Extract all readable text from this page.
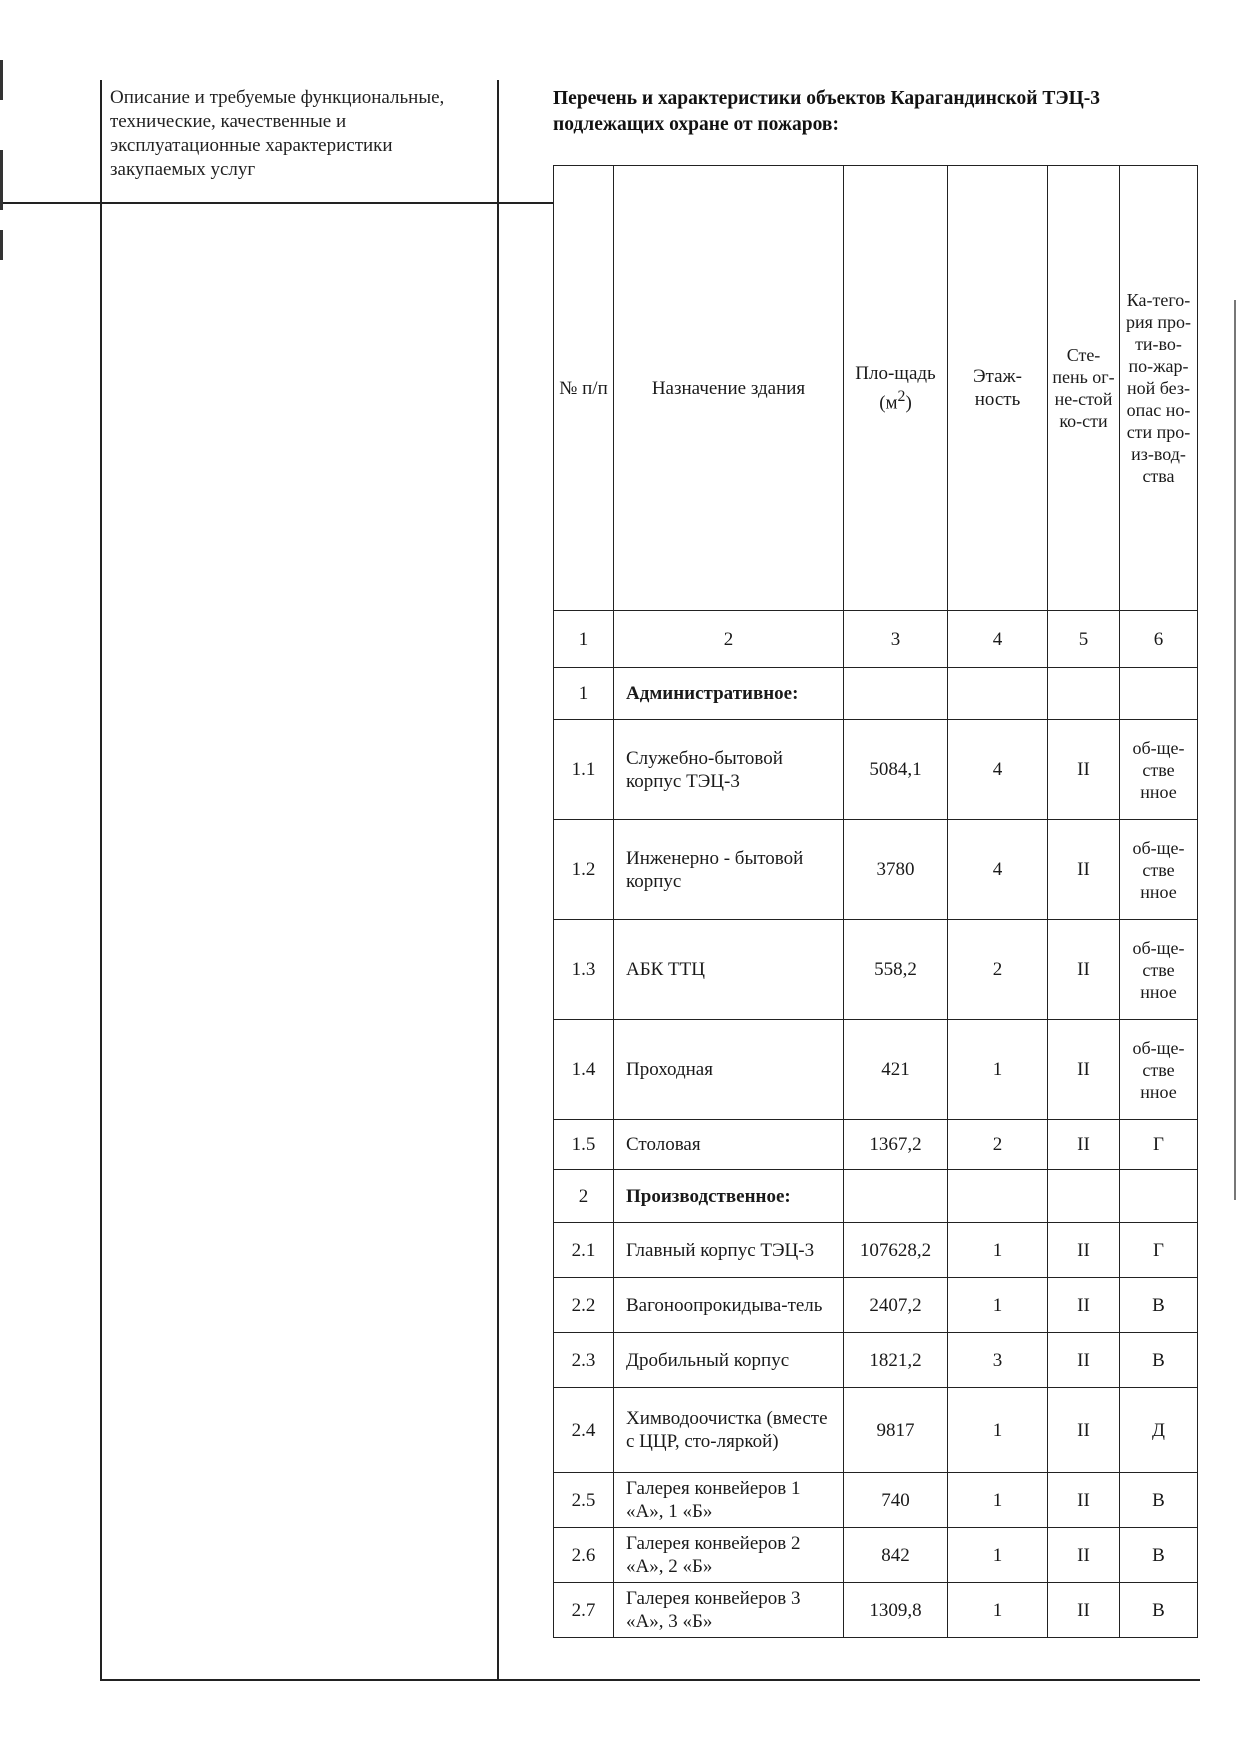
Описание и требуемые функциональные, технические, качественные и эксплуатационные характеристики закупаемых услуг
Перечень и характеристики объектов Карагандинской ТЭЦ-3 подлежащих охране от пожаров:
№ п/п	Назначение здания	Пло-щадь $(м^2)$	Этаж-ность	Сте-пень ог-не-стой ко-сти	Ка-тего-рия про-ти-во-по-жар-ной без-опас но-сти про-из-вод-ства
1	2	3	4	5	6
1	Административное:				
1.1	Служебно-бытовой корпус ТЭЦ-3	5084,1	4	II	об-ще-стве нное
1.2	Инженерно - бытовой корпус	3780	4	II	об-ще-стве нное
1.3	АБК ТТЦ	558,2	2	II	об-ще-стве нное
1.4	Проходная	421	1	II	об-ще-стве нное
1.5	Столовая	1367,2	2	II	Г
2	Производственное:				
2.1	Главный корпус ТЭЦ-3	107628,2	1	II	Г
2.2	Вагоноопрокидыва-тель	2407,2	1	II	В
2.3	Дробильный корпус	1821,2	3	II	В
2.4	Химводоочистка (вместе с ЦЦР, сто-ляркой)	9817	1	II	Д
2.5	Галерея конвейеров 1 «А», 1 «Б»	740	1	II	В
2.6	Галерея конвейеров 2 «А», 2 «Б»	842	1	II	В
2.7	Галерея конвейеров 3 «А», 3 «Б»	1309,8	1	II	В
